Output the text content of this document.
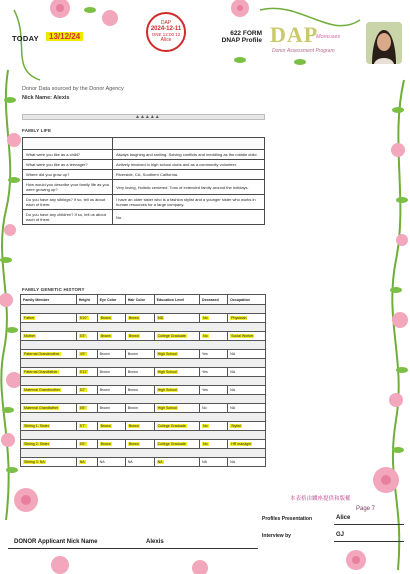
TODAY	13/12/24
DAP
2024-12-11
ONE 12:00 12
Alice
622 FORM
DNAP Profile DAP
Mono.ees
Donor Assessment Program
Donor Data sourced by the Donor Agency
Nick Name: Alexis
▲▲▲▲▲
FAMILY LIFE

What were you like as a child?	Always laughing and smiling. Solving conflicts and meddling as the middle child.
What were you like as a teenager?	Actively involved in high school clubs and as a community volunteer.
Where did you grow up?	Riverside, CA, Southern California.
How would you describe your family life as you were growing up?	Very loving, Holistic centered. Tons of extended family around the holidays.
Do you have any siblings? If so, tell us about each of them:	I have an older sister who is a fashion stylist and a younger sister who works in human resources for a large company.
Do you have any children? If so, tell us about each of them:	No.
FAMILY GENETIC HISTORY
Family Member	Height	Eye Color	Hair Color	Education Level	Deceased	Occupation

Father	5'10"	Brown	Brown	MD	No	Physician

Mother	5'3"	Brown	Brown	College Graduate	No	Social Worker

Paternal Grandmother	4'9"	Brown	Brown	High School	Yes	NA

Paternal Grandfather	5'11"	Brown	Brown	High School	Yes	NA

Maternal Grandmother	5'2"	Brown	Brown	High School	Yes	NA

Maternal Grandfather	5'8"	Brown	Brown	High School	No	NA

Sibling 1: Sister	5'7"	Brown	Brown	College Graduate	No	Stylist

Sibling 2: Sister	5'5"	Brown	Brown	College Graduate	No	HR manager

Sibling 3: NA	NA	NA	NA	NA	NA	NA
本表格由麟座提供和版權
Page 7
Profiles Presentation	Alice
Interview by	GJ
DONOR Applicant Nick Name	Alexis
